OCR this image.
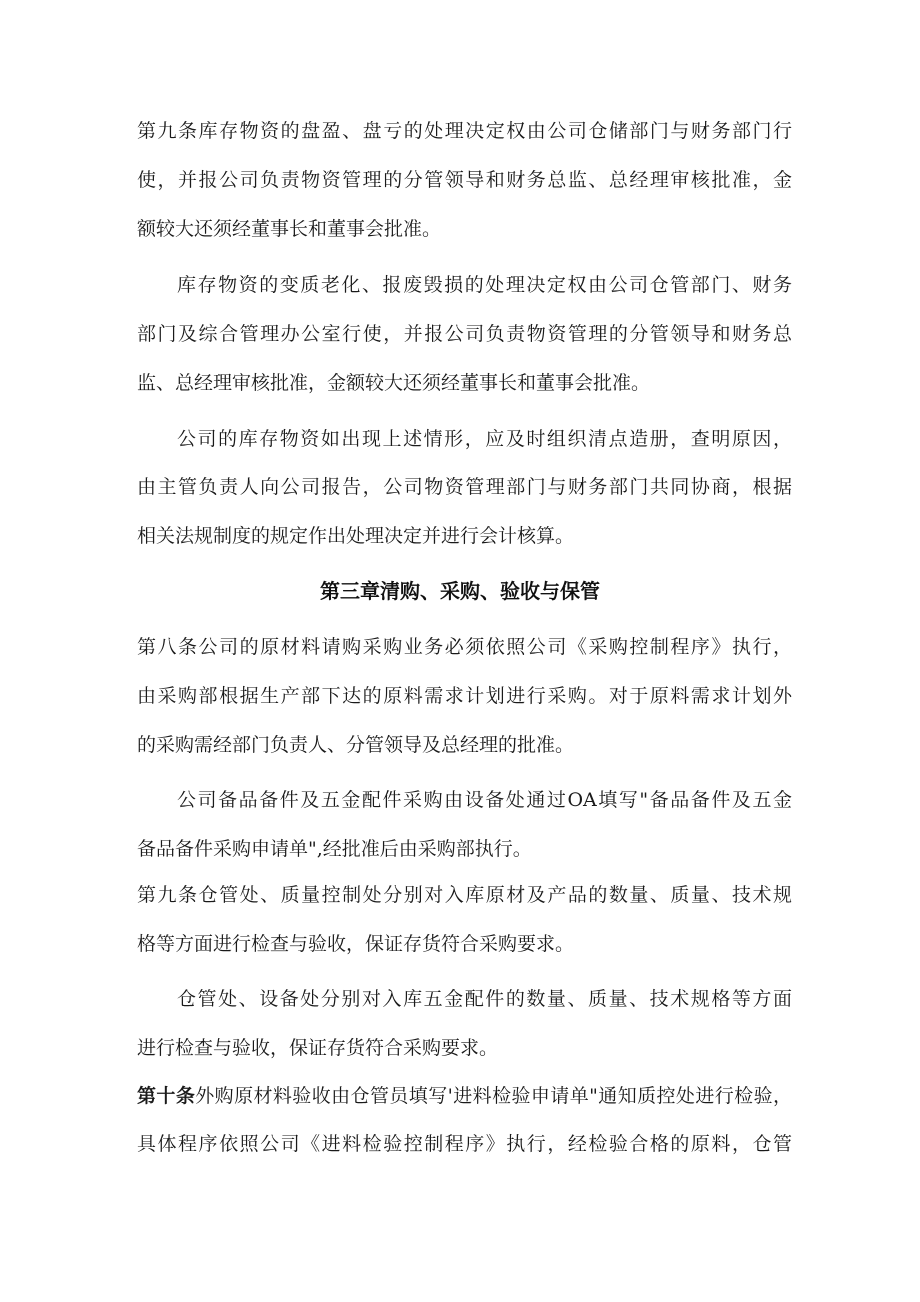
第九条库存物资的盘盈、盘亏的处理决定权由公司仓储部门与财务部门行
使，并报公司负责物资管理的分管领导和财务总监、总经理审核批准，金
额较大还须经董事长和董事会批准。
库存物资的变质老化、报废毁损的处理决定权由公司仓管部门、财务
部门及综合管理办公室行使，并报公司负责物资管理的分管领导和财务总
监、总经理审核批准，金额较大还须经董事长和董事会批准。
公司的库存物资如出现上述情形，应及时组织清点造册，查明原因，
由主管负责人向公司报告，公司物资管理部门与财务部门共同协商，根据
相关法规制度的规定作出处理决定并进行会计核算。
第三章清购、采购、验收与保管
第八条公司的原材料请购采购业务必须依照公司《采购控制程序》执行，
由采购部根据生产部下达的原料需求计划进行采购。对于原料需求计划外
的采购需经部门负责人、分管领导及总经理的批准。
公司备品备件及五金配件采购由设备处通过OA填写"备品备件及五金
备品备件采购申请单",经批准后由采购部执行。
第九条仓管处、质量控制处分别对入库原材及产品的数量、质量、技术规
格等方面进行检查与验收，保证存货符合采购要求。
仓管处、设备处分别对入库五金配件的数量、质量、技术规格等方面
进行检查与验收，保证存货符合采购要求。
第十条外购原材料验收由仓管员填写'进料检验申请单"通知质控处进行检验，
具体程序依照公司《进料检验控制程序》执行，经检验合格的原料，仓管
